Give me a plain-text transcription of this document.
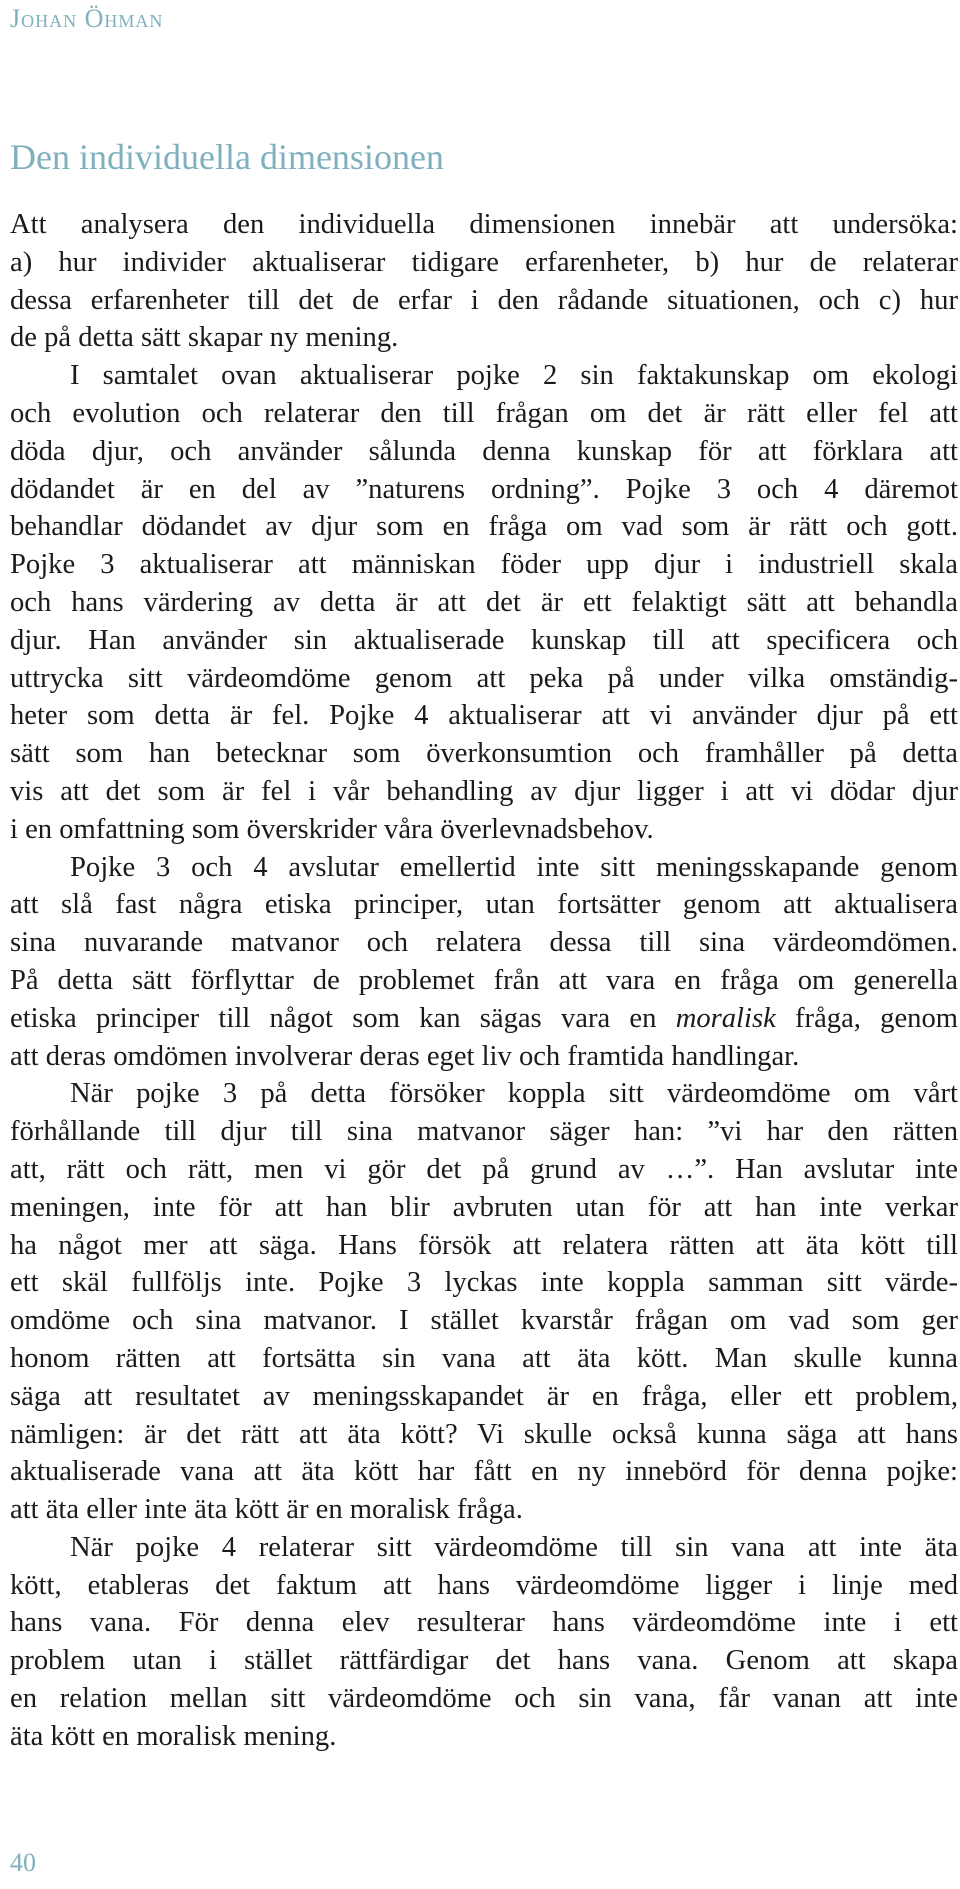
Johan Öhman
Den individuella dimensionen
Att analysera den individuella dimensionen innebär att undersöka:
a) hur individer aktualiserar tidigare erfarenheter, b) hur de relaterar
dessa erfarenheter till det de erfar i den rådande situationen, och c) hur
de på detta sätt skapar ny mening.
I samtalet ovan aktualiserar pojke 2 sin faktakunskap om ekologi
och evolution och relaterar den till frågan om det är rätt eller fel att
döda djur, och använder sålunda denna kunskap för att förklara att
dödandet är en del av ”naturens ordning”. Pojke 3 och 4 däremot
behandlar dödandet av djur som en fråga om vad som är rätt och gott.
Pojke 3 aktualiserar att människan föder upp djur i industriell skala
och hans värdering av detta är att det är ett felaktigt sätt att behandla
djur. Han använder sin aktualiserade kunskap till att specificera och
uttrycka sitt värdeomdöme genom att peka på under vilka omständig-
heter som detta är fel. Pojke 4 aktualiserar att vi använder djur på ett
sätt som han betecknar som överkonsumtion och framhåller på detta
vis att det som är fel i vår behandling av djur ligger i att vi dödar djur
i en omfattning som överskrider våra överlevnadsbehov.
Pojke 3 och 4 avslutar emellertid inte sitt meningsskapande genom
att slå fast några etiska principer, utan fortsätter genom att aktualisera
sina nuvarande matvanor och relatera dessa till sina värdeomdömen.
På detta sätt förflyttar de problemet från att vara en fråga om generella
etiska principer till något som kan sägas vara en moralisk fråga, genom
att deras omdömen involverar deras eget liv och framtida handlingar.
När pojke 3 på detta försöker koppla sitt värdeomdöme om vårt
förhållande till djur till sina matvanor säger han: ”vi har den rätten
att, rätt och rätt, men vi gör det på grund av …”. Han avslutar inte
meningen, inte för att han blir avbruten utan för att han inte verkar
ha något mer att säga. Hans försök att relatera rätten att äta kött till
ett skäl fullföljs inte. Pojke 3 lyckas inte koppla samman sitt värde-
omdöme och sina matvanor. I stället kvarstår frågan om vad som ger
honom rätten att fortsätta sin vana att äta kött. Man skulle kunna
säga att resultatet av meningsskapandet är en fråga, eller ett problem,
nämligen: är det rätt att äta kött? Vi skulle också kunna säga att hans
aktualiserade vana att äta kött har fått en ny innebörd för denna pojke:
att äta eller inte äta kött är en moralisk fråga.
När pojke 4 relaterar sitt värdeomdöme till sin vana att inte äta
kött, etableras det faktum att hans värdeomdöme ligger i linje med
hans vana. För denna elev resulterar hans värdeomdöme inte i ett
problem utan i stället rättfärdigar det hans vana. Genom att skapa
en relation mellan sitt värdeomdöme och sin vana, får vanan att inte
äta kött en moralisk mening.
40
